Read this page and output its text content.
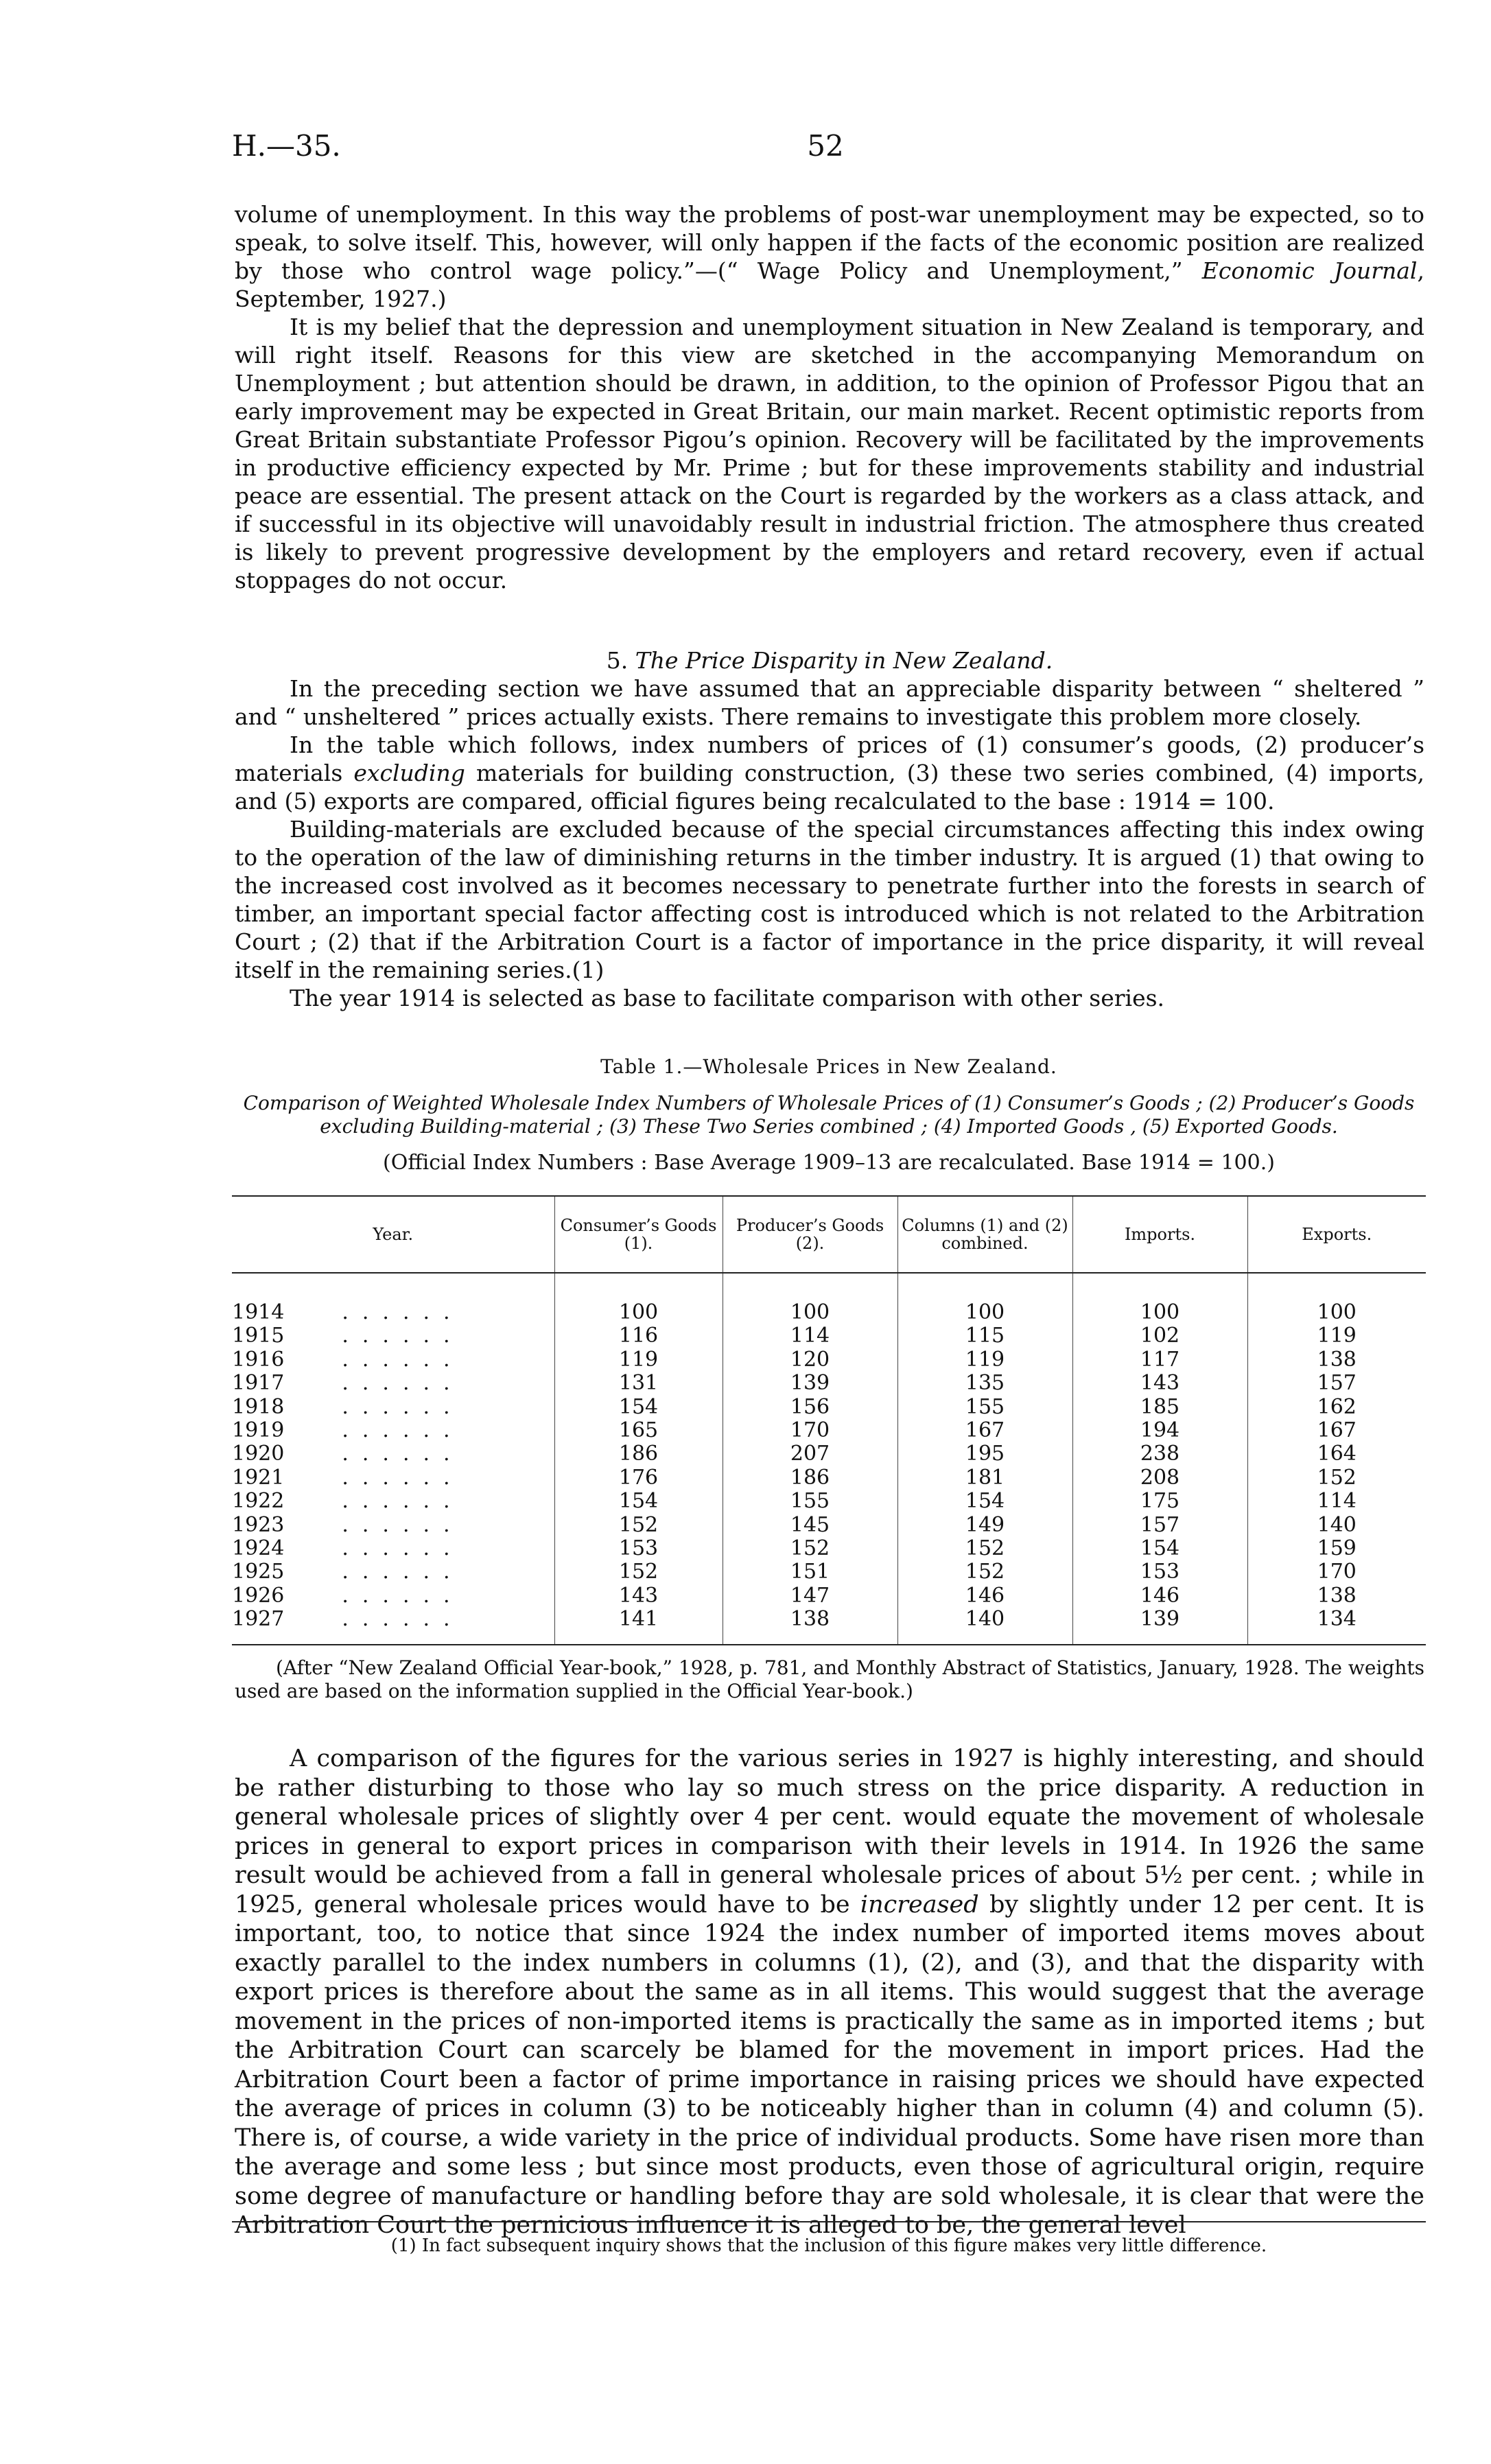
H.—35.	52

volume of unemployment. In this way the problems of post-war unemployment may be expected, so to speak, to solve itself. This, however, will only happen if the facts of the economic position are realized by those who control wage policy.”—(“ Wage Policy and Unemployment,” Economic Journal, September, 1927.)

It is my belief that the depression and unemployment situation in New Zealand is temporary, and will right itself. Reasons for this view are sketched in the accompanying Memorandum on Unemployment ; but attention should be drawn, in addition, to the opinion of Professor Pigou that an early improvement may be expected in Great Britain, our main market. Recent optimistic reports from Great Britain substantiate Professor Pigou’s opinion. Recovery will be facilitated by the improvements in productive efficiency expected by Mr. Prime ; but for these improvements stability and industrial peace are essential. The present attack on the Court is regarded by the workers as a class attack, and if successful in its objective will unavoidably result in industrial friction. The atmosphere thus created is likely to prevent progressive development by the employers and retard recovery, even if actual stoppages do not occur.

5. The Price Disparity in New Zealand.

In the preceding section we have assumed that an appreciable disparity between “ sheltered ” and “ unsheltered ” prices actually exists. There remains to investigate this problem more closely.

In the table which follows, index numbers of prices of (1) consumer’s goods, (2) producer’s materials excluding materials for building construction, (3) these two series combined, (4) imports, and (5) exports are compared, official figures being recalculated to the base : 1914 = 100.

Building-materials are excluded because of the special circumstances affecting this index owing to the operation of the law of diminishing returns in the timber industry. It is argued (1) that owing to the increased cost involved as it becomes necessary to penetrate further into the forests in search of timber, an important special factor affecting cost is introduced which is not related to the Arbitration Court ; (2) that if the Arbitration Court is a factor of importance in the price disparity, it will reveal itself in the remaining series.(1)

The year 1914 is selected as base to facilitate comparison with other series.

Table 1.—Wholesale Prices in New Zealand.
Comparison of Weighted Wholesale Index Numbers of Wholesale Prices of (1) Consumer’s Goods ; (2) Producer’s Goods excluding Building-material ; (3) These Two Series combined ; (4) Imported Goods , (5) Exported Goods.
(Official Index Numbers : Base Average 1909–13 are recalculated. Base 1914 = 100.)
Year.	Consumer’s Goods (1).	Producer’s Goods (2).	Columns (1) and (2) combined.	Imports.	Exports.

1914 ......	100	100	100	100	100
1915 ......	116	114	115	102	119
1916 ......	119	120	119	117	138
1917 ......	131	139	135	143	157
1918 ......	154	156	155	185	162
1919 ......	165	170	167	194	167
1920 ......	186	207	195	238	164
1921 ......	176	186	181	208	152
1922 ......	154	155	154	175	114
1923 ......	152	145	149	157	140
1924 ......	153	152	152	154	159
1925 ......	152	151	152	153	170
1926 ......	143	147	146	146	138
1927 ......	141	138	140	139	134
(After “New Zealand Official Year-book,” 1928, p. 781, and Monthly Abstract of Statistics, January, 1928. The weights used are based on the information supplied in the Official Year-book.)

A comparison of the figures for the various series in 1927 is highly interesting, and should be rather disturbing to those who lay so much stress on the price disparity. A reduction in general wholesale prices of slightly over 4 per cent. would equate the movement of wholesale prices in general to export prices in comparison with their levels in 1914. In 1926 the same result would be achieved from a fall in general wholesale prices of about 5½ per cent. ; while in 1925, general wholesale prices would have to be increased by slightly under 12 per cent. It is important, too, to notice that since 1924 the index number of imported items moves about exactly parallel to the index numbers in columns (1), (2), and (3), and that the disparity with export prices is therefore about the same as in all items. This would suggest that the average movement in the prices of non-imported items is practically the same as in imported items ; but the Arbitration Court can scarcely be blamed for the movement in import prices. Had the Arbitration Court been a factor of prime importance in raising prices we should have expected the average of prices in column (3) to be noticeably higher than in column (4) and column (5). There is, of course, a wide variety in the price of individual products. Some have risen more than the average and some less ; but since most products, even those of agricultural origin, require some degree of manufacture or handling before thay are sold wholesale, it is clear that were the Arbitration Court the pernicious influence it is alleged to be, the general level

(1) In fact subsequent inquiry shows that the inclusion of this figure makes very little difference.
